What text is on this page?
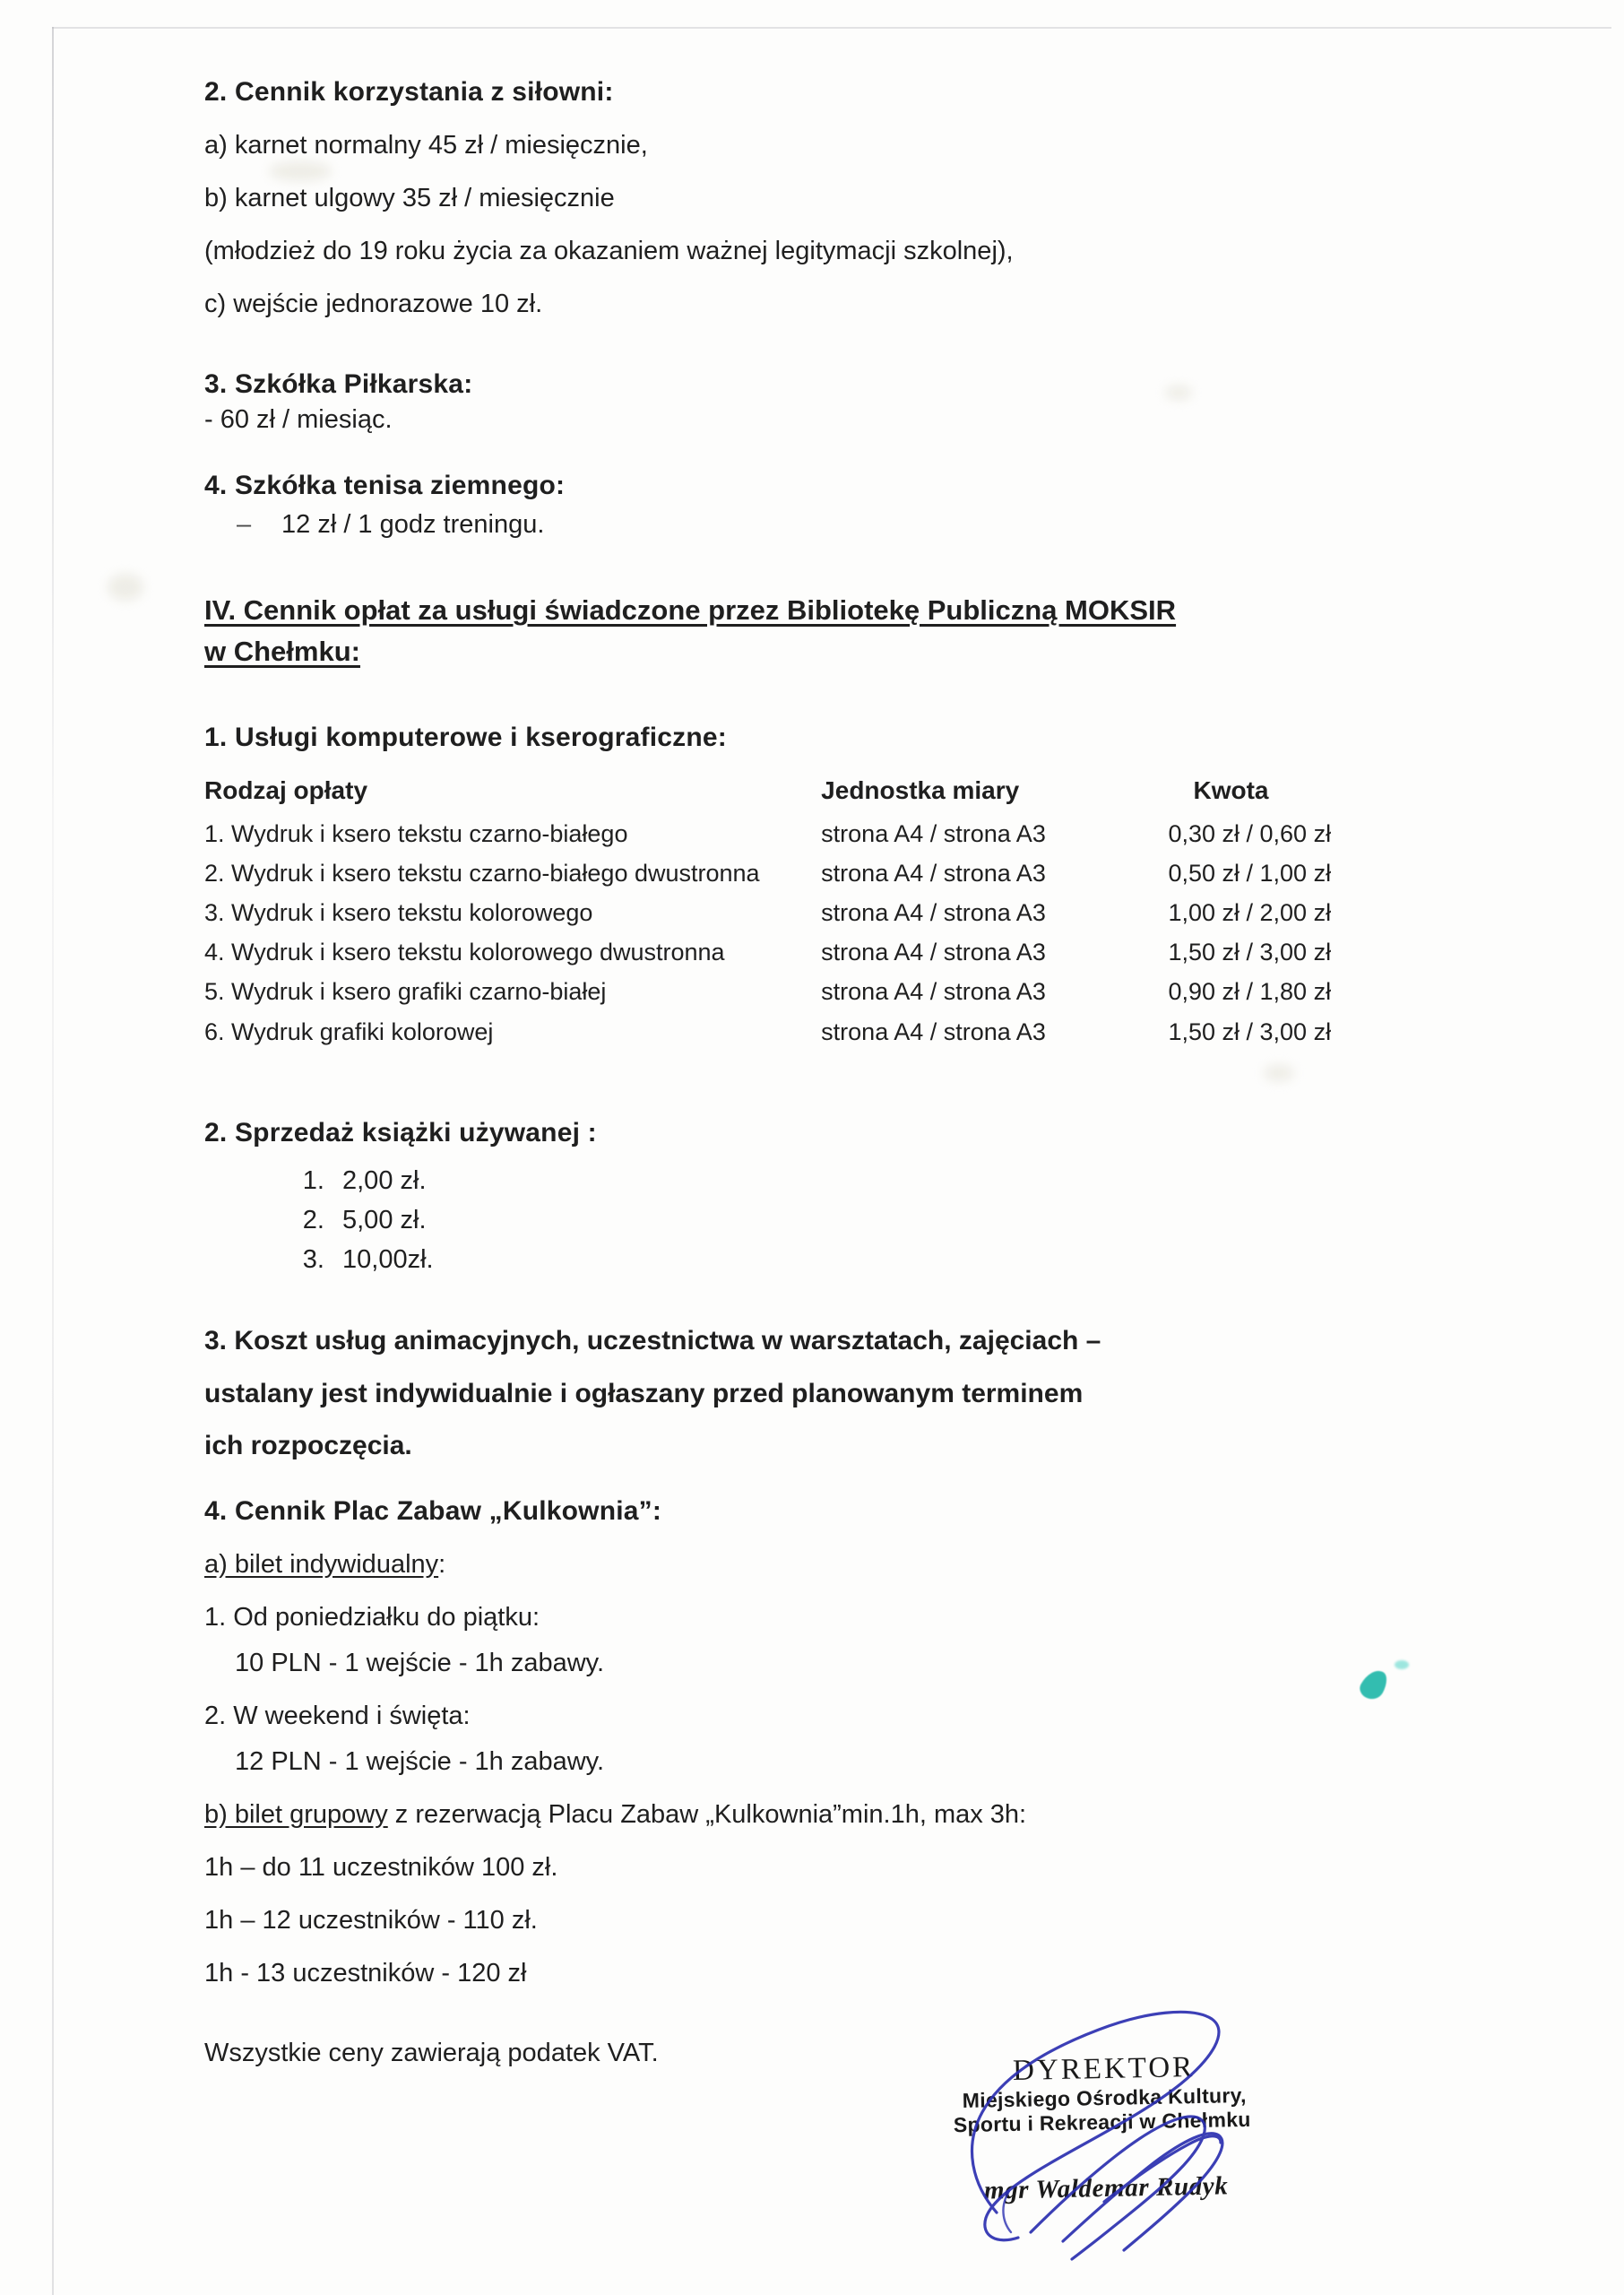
2. Cennik korzystania z siłowni:

a) karnet normalny 45 zł / miesięcznie,

b) karnet ulgowy 35 zł / miesięcznie

(młodzież do 19 roku życia za okazaniem ważnej legitymacji szkolnej),

c) wejście jednorazowe 10 zł.

3. Szkółka Piłkarska:

- 60 zł / miesiąc.

4. Szkółka tenisa ziemnego:

– 12 zł / 1 godz treningu.

IV. Cennik opłat za usługi świadczone przez Bibliotekę Publiczną MOKSIR
w Chełmku:
1. Usługi komputerowe i kserograficzne:
Rodzaj opłaty	Jednostka miary	Kwota
1. Wydruk i ksero tekstu czarno-białego	strona A4 / strona A3	0,30 zł / 0,60 zł
2. Wydruk i ksero tekstu czarno-białego dwustronna	strona A4 / strona A3	0,50 zł / 1,00 zł
3. Wydruk i ksero tekstu kolorowego	strona A4 / strona A3	1,00 zł / 2,00 zł
4. Wydruk i ksero tekstu kolorowego dwustronna	strona A4 / strona A3	1,50 zł / 3,00 zł
5. Wydruk i ksero grafiki czarno-białej	strona A4 / strona A3	0,90 zł / 1,80 zł
6. Wydruk grafiki kolorowej	strona A4 / strona A3	1,50 zł / 3,00 zł
2. Sprzedaż książki używanej :
1. 2,00 zł.
2. 5,00 zł.
3. 10,00zł.

3. Koszt usług animacyjnych, uczestnictwa w warsztatach, zajęciach –

ustalany jest indywidualnie i ogłaszany przed planowanym terminem

ich rozpoczęcia.

4. Cennik Plac Zabaw „Kulkownia”:

a) bilet indywidualny:

1. Od poniedziałku do piątku:

10 PLN - 1 wejście - 1h zabawy.

2. W weekend i święta:

12 PLN - 1 wejście - 1h zabawy.

b) bilet grupowy z rezerwacją Placu Zabaw „Kulkownia”min.1h, max 3h:

1h – do 11 uczestników 100 zł.

1h – 12 uczestników - 110 zł.

1h - 13 uczestników - 120 zł

Wszystkie ceny zawierają podatek VAT.	DYREKTOR
Miejskiego Ośrodka Kultury,
Sportu i Rekreacji w Chełmku
mgr Waldemar Rudyk
